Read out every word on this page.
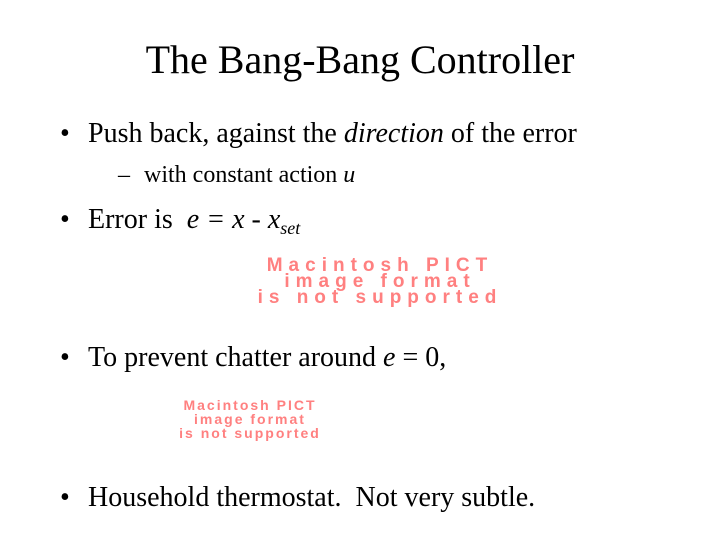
The Bang-Bang Controller
• Push back, against the direction of the error
– with constant action u
• Error is  $e = x - x_{set}$
Macintosh PICT
image format
is not supported
• To prevent chatter around e = 0,
Macintosh PICT
image format
is not supported
• Household thermostat.  Not very subtle.
